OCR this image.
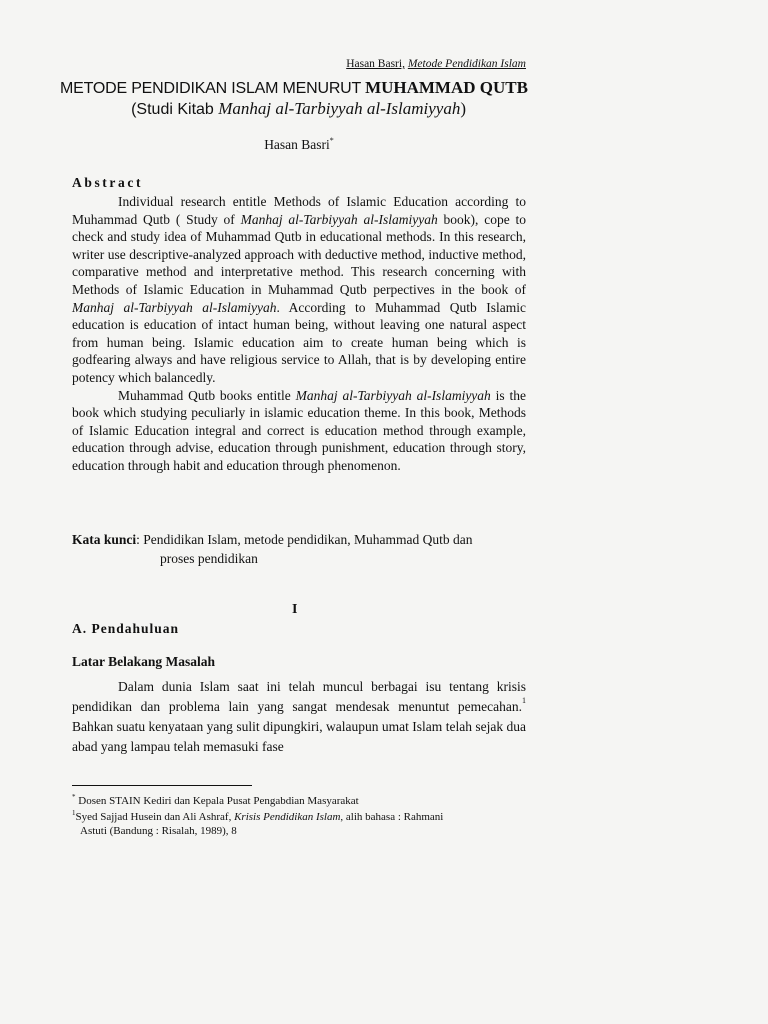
Hasan Basri, Metode Pendidikan Islam
METODE PENDIDIKAN ISLAM MENURUT MUHAMMAD QUTB
(Studi Kitab Manhaj al-Tarbiyyah al-Islamiyyah)
Hasan Basri*
Abstract

Individual research entitle Methods of Islamic Education according to Muhammad Qutb ( Study of Manhaj al-Tarbiyyah al-Islamiyyah book), cope to check and study idea of Muhammad Qutb in educational methods. In this research, writer use descriptive-analyzed approach with deductive method, inductive method, comparative method and interpretative method. This research concerning with Methods of Islamic Education in Muhammad Qutb perpectives in the book of Manhaj al-Tarbiyyah al-Islamiyyah. According to Muhammad Qutb Islamic education is education of intact human being, without leaving one natural aspect from human being. Islamic education aim to create human being which is godfearing always and have religious service to Allah, that is by developing entire potency which balancedly.

Muhammad Qutb books entitle Manhaj al-Tarbiyyah al-Islamiyyah is the book which studying peculiarly in islamic education theme. In this book, Methods of Islamic Education integral and correct is education method through example, education through advise, education through punishment, education through story, education through habit and education through phenomenon.

Kata kunci: Pendidikan Islam, metode pendidikan, Muhammad Qutb dan
proses pendidikan
I
A. Pendahuluan
Latar Belakang Masalah

Dalam dunia Islam saat ini telah muncul berbagai isu tentang krisis pendidikan dan problema lain yang sangat mendesak menuntut pemecahan.$^1$ Bahkan suatu kenyataan yang sulit dipungkiri, walaupun umat Islam telah sejak dua abad yang lampau telah memasuki fase

* Dosen STAIN Kediri dan Kepala Pusat Pengabdian Masyarakat
$^1$Syed Sajjad Husein dan Ali Ashraf, Krisis Pendidikan Islam, alih bahasa : Rahmani
Astuti (Bandung : Risalah, 1989), 8
